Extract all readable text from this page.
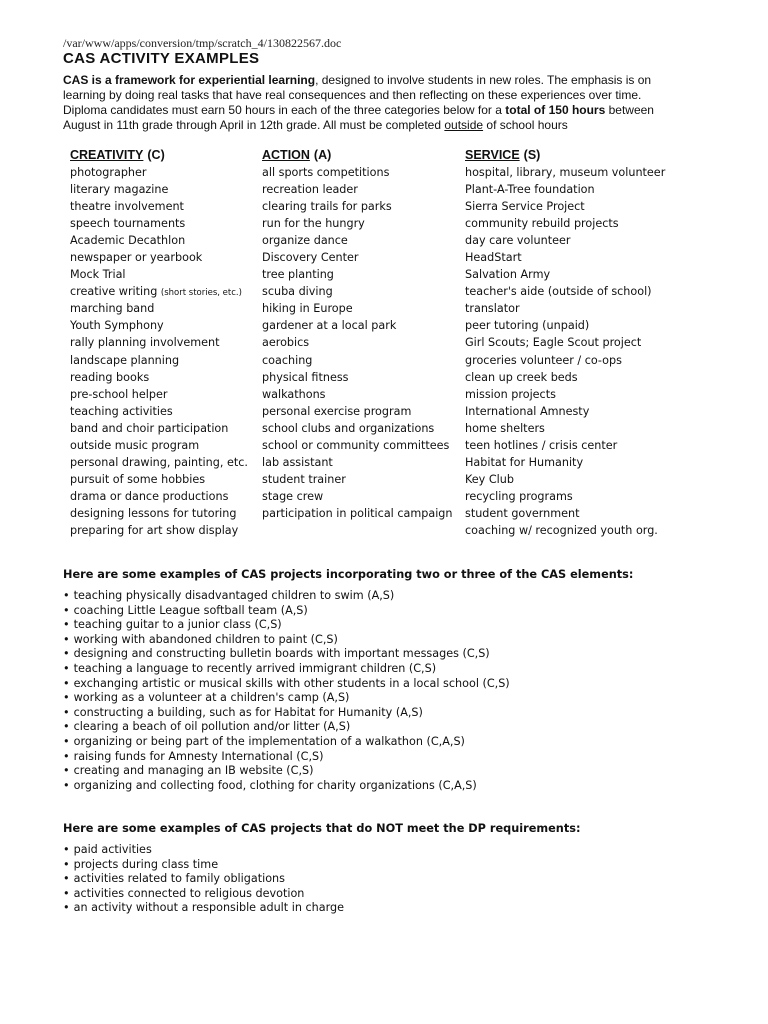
/var/www/apps/conversion/tmp/scratch_4/130822567.doc
CAS ACTIVITY EXAMPLES
CAS is a framework for experiential learning, designed to involve students in new roles. The emphasis is on learning by doing real tasks that have real consequences and then reflecting on these experiences over time. Diploma candidates must earn 50 hours in each of the three categories below for a total of 150 hours between August in 11th grade through April in 12th grade. All must be completed outside of school hours
CREATIVITY (C)
photographer
literary magazine
theatre involvement
speech tournaments
Academic Decathlon
newspaper or yearbook
Mock Trial
creative writing (short stories, etc.)
marching band
Youth Symphony
rally planning involvement
landscape planning
reading books
pre-school helper
teaching activities
band and choir participation
outside music program
personal drawing, painting, etc.
pursuit of some hobbies
drama or dance productions
designing lessons for tutoring
preparing for art show display
ACTION (A)
all sports competitions
recreation leader
clearing trails for parks
run for the hungry
organize dance
Discovery Center
tree planting
scuba diving
hiking in Europe
gardener at a local park
aerobics
coaching
physical fitness
walkathons
personal exercise program
school clubs and organizations
school or community committees
lab assistant
student trainer
stage crew
participation in political campaign
SERVICE (S)
hospital, library, museum volunteer
Plant-A-Tree foundation
Sierra Service Project
community rebuild projects
day care volunteer
HeadStart
Salvation Army
teacher's aide (outside of school)
translator
peer tutoring (unpaid)
Girl Scouts; Eagle Scout project
groceries volunteer / co-ops
clean up creek beds
mission projects
International Amnesty
home shelters
teen hotlines / crisis center
Habitat for Humanity
Key Club
recycling programs
student government
coaching w/ recognized youth org.
Here are some examples of CAS projects incorporating two or three of the CAS elements:
• teaching physically disadvantaged children to swim (A,S)
• coaching Little League softball team (A,S)
• teaching guitar to a junior class (C,S)
• working with abandoned children to paint (C,S)
• designing and constructing bulletin boards with important messages (C,S)
• teaching a language to recently arrived immigrant children (C,S)
• exchanging artistic or musical skills with other students in a local school (C,S)
• working as a volunteer at a children's camp (A,S)
• constructing a building, such as for Habitat for Humanity (A,S)
• clearing a beach of oil pollution and/or litter (A,S)
• organizing or being part of the implementation of a walkathon (C,A,S)
• raising funds for Amnesty International (C,S)
• creating and managing an IB website (C,S)
• organizing and collecting food, clothing for charity organizations (C,A,S)
Here are some examples of CAS projects that do NOT meet the DP requirements:
• paid activities
• projects during class time
• activities related to family obligations
• activities connected to religious devotion
• an activity without a responsible adult in charge
